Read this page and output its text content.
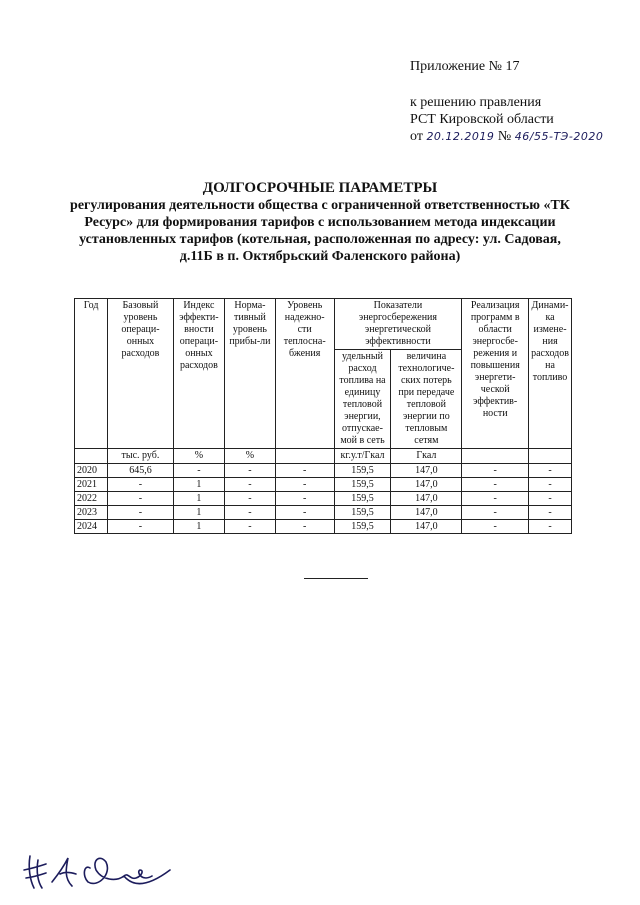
Приложение № 17
к решению правления
РСТ Кировской области
от 20.12.2019 № 46/55-ТЭ-2020
ДОЛГОСРОЧНЫЕ ПАРАМЕТРЫ
регулирования деятельности общества с ограниченной ответственностью «ТК Ресурс» для формирования тарифов с использованием метода индексации установленных тарифов (котельная, расположенная по адресу: ул. Садовая, д.11Б в п. Октябрьский Фаленского района)
Год	Базовый уровень операци-онных расходов	Индекс эффекти-вности операци-онных расходов	Норма-тивный уровень прибы-ли	Уровень надежно-сти теплосна-бжения	Показатели энергосбережения энергетической эффективности		Реализация программ в области энергосбе-режения и повышения энергети-ческой эффектив-ности	Динами-ка измене-ния расходов на топливо
					удельный расход топлива на единицу тепловой энергии, отпускае-мой в сеть	величина технологиче-ских потерь при передаче тепловой энергии по тепловым сетям		
	тыс. руб.	%	%		кг.у.т/Гкал	Гкал		
2020	645,6	-	-	-	159,5	147,0	-	-
2021	-	1	-	-	159,5	147,0	-	-
2022	-	1	-	-	159,5	147,0	-	-
2023	-	1	-	-	159,5	147,0	-	-
2024	-	1	-	-	159,5	147,0	-	-
